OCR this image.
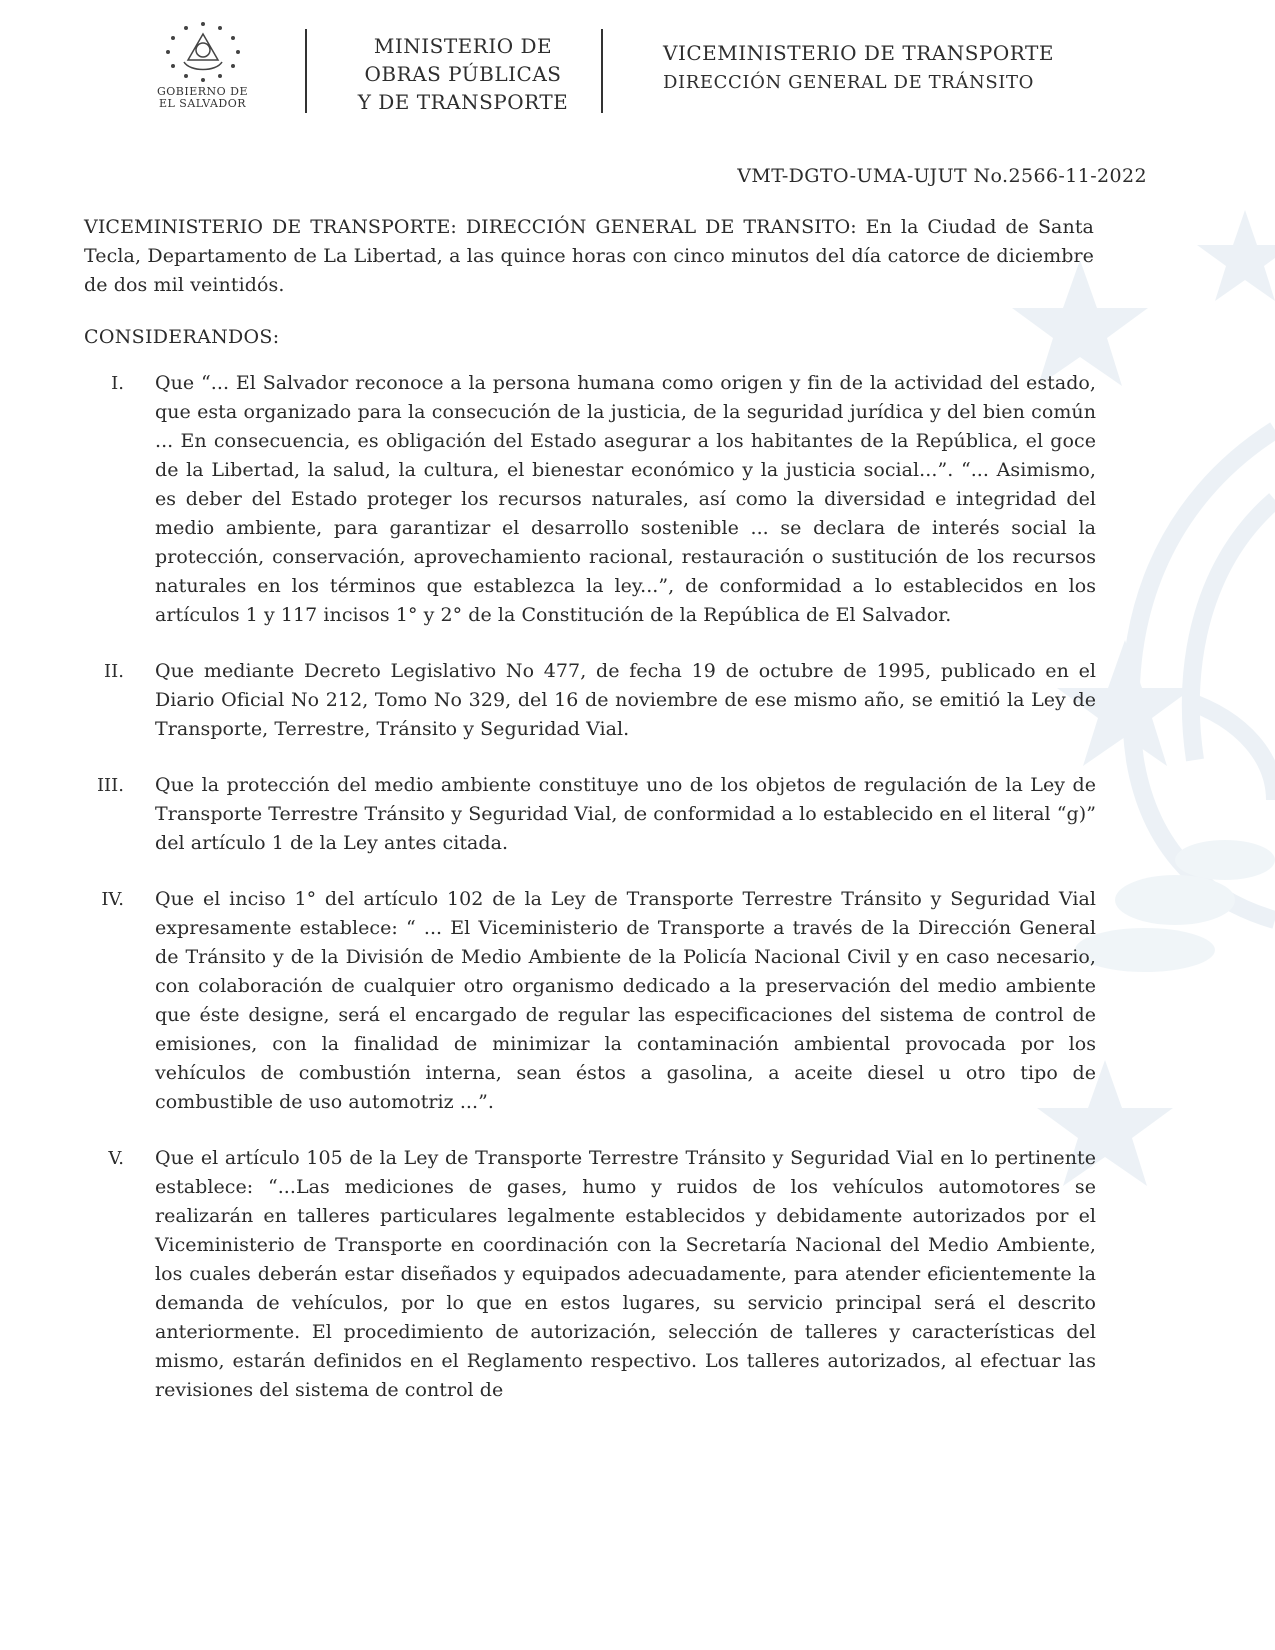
GOBIERNO DE
EL SALVADOR
MINISTERIO DE
OBRAS PÚBLICAS
Y DE TRANSPORTE
VICEMINISTERIO DE TRANSPORTE
DIRECCIÓN GENERAL DE TRÁNSITO
VMT-DGTO-UMA-UJUT No.2566-11-2022
VICEMINISTERIO DE TRANSPORTE: DIRECCIÓN GENERAL DE TRANSITO: En la Ciudad de Santa Tecla, Departamento de La Libertad, a las quince horas con cinco minutos del día catorce de diciembre de dos mil veintidós.
CONSIDERANDOS:
I. Que “... El Salvador reconoce a la persona humana como origen y fin de la actividad del estado, que esta organizado para la consecución de la justicia, de la seguridad jurídica y del bien común ... En consecuencia, es obligación del Estado asegurar a los habitantes de la República, el goce de la Libertad, la salud, la cultura, el bienestar económico y la justicia social...”. “... Asimismo, es deber del Estado proteger los recursos naturales, así como la diversidad e integridad del medio ambiente, para garantizar el desarrollo sostenible ... se declara de interés social la protección, conservación, aprovechamiento racional, restauración o sustitución de los recursos naturales en los términos que establezca la ley...”, de conformidad a lo establecidos en los artículos 1 y 117 incisos 1° y 2° de la Constitución de la República de El Salvador.
II. Que mediante Decreto Legislativo No 477, de fecha 19 de octubre de 1995, publicado en el Diario Oficial No 212, Tomo No 329, del 16 de noviembre de ese mismo año, se emitió la Ley de Transporte, Terrestre, Tránsito y Seguridad Vial.
III. Que la protección del medio ambiente constituye uno de los objetos de regulación de la Ley de Transporte Terrestre Tránsito y Seguridad Vial, de conformidad a lo establecido en el literal “g)” del artículo 1 de la Ley antes citada.
IV. Que el inciso 1° del artículo 102 de la Ley de Transporte Terrestre Tránsito y Seguridad Vial expresamente establece: “ ... El Viceministerio de Transporte a través de la Dirección General de Tránsito y de la División de Medio Ambiente de la Policía Nacional Civil y en caso necesario, con colaboración de cualquier otro organismo dedicado a la preservación del medio ambiente que éste designe, será el encargado de regular las especificaciones del sistema de control de emisiones, con la finalidad de minimizar la contaminación ambiental provocada por los vehículos de combustión interna, sean éstos a gasolina, a aceite diesel u otro tipo de combustible de uso automotriz ...”.
V. Que el artículo 105 de la Ley de Transporte Terrestre Tránsito y Seguridad Vial en lo pertinente establece: “...Las mediciones de gases, humo y ruidos de los vehículos automotores se realizarán en talleres particulares legalmente establecidos y debidamente autorizados por el Viceministerio de Transporte en coordinación con la Secretaría Nacional del Medio Ambiente, los cuales deberán estar diseñados y equipados adecuadamente, para atender eficientemente la demanda de vehículos, por lo que en estos lugares, su servicio principal será el descrito anteriormente. El procedimiento de autorización, selección de talleres y características del mismo, estarán definidos en el Reglamento respectivo. Los talleres autorizados, al efectuar las revisiones del sistema de control de
